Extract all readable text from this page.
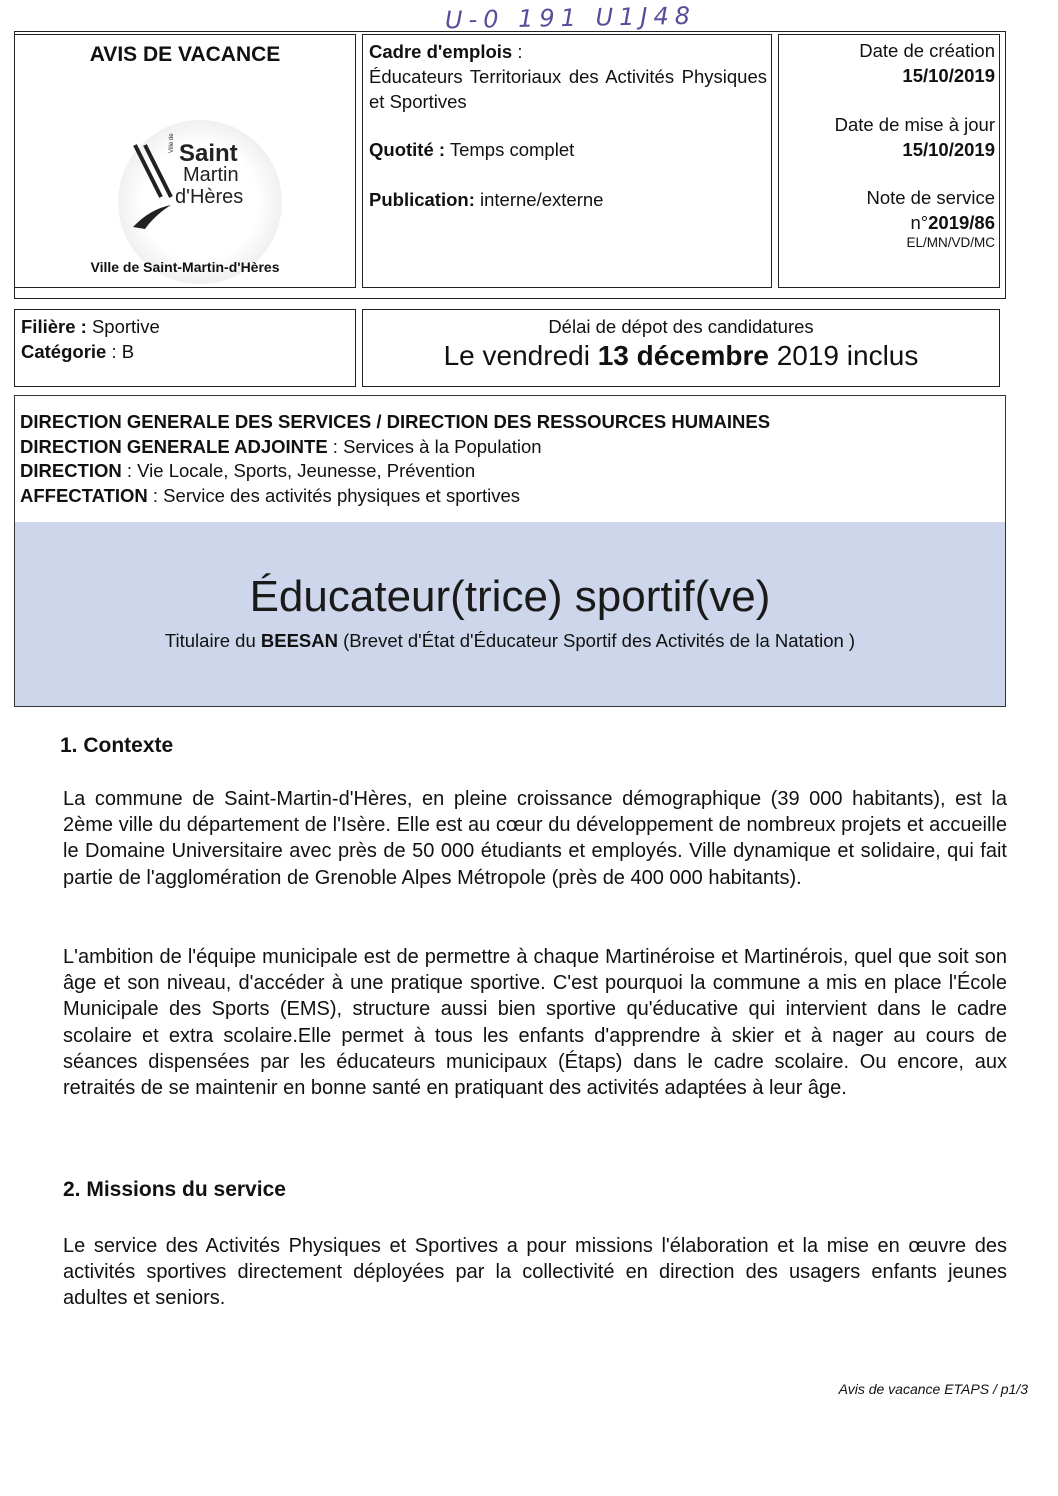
U-0 191 U1J48
AVIS DE VACANCE
Ville de Saint
Martin
d'Hères
Ville de Saint-Martin-d'Hères
Cadre d'emplois :
Éducateurs Territoriaux des Activités Physiques et Sportives
Quotité : Temps complet
Publication: interne/externe
Date de création
15/10/2019
Date de mise à jour
15/10/2019
Note de service
n°2019/86
EL/MN/VD/MC
Filière : Sportive
Catégorie : B
Délai de dépot des candidatures
Le vendredi 13 décembre 2019 inclus
DIRECTION GENERALE DES SERVICES / DIRECTION DES RESSOURCES HUMAINES
DIRECTION GENERALE ADJOINTE : Services à la Population
DIRECTION : Vie Locale, Sports, Jeunesse, Prévention
AFFECTATION : Service des activités physiques et sportives
Éducateur(trice) sportif(ve)
Titulaire du BEESAN (Brevet d'État d'Éducateur Sportif des Activités de la Natation )
1. Contexte
La commune de Saint-Martin-d'Hères, en pleine croissance démographique (39 000 habitants), est la 2ème ville du département de l'Isère. Elle est au cœur du développement de nombreux projets et accueille le Domaine Universitaire avec près de 50 000 étudiants et employés. Ville dynamique et solidaire, qui fait partie de l'agglomération de Grenoble Alpes Métropole (près de 400 000 habitants).
L'ambition de l'équipe municipale est de permettre à chaque Martinéroise et Martinérois, quel que soit son âge et son niveau, d'accéder à une pratique sportive. C'est pourquoi la commune a mis en place l'École Municipale des Sports (EMS), structure aussi bien sportive qu'éducative qui intervient dans le cadre scolaire et extra scolaire.Elle permet à tous les enfants d'apprendre à skier et à nager au cours de séances dispensées par les éducateurs municipaux (Étaps) dans le cadre scolaire. Ou encore, aux retraités de se maintenir en bonne santé en pratiquant des activités adaptées à leur âge.
2. Missions du service
Le service des Activités Physiques et Sportives a pour missions l'élaboration et la mise en œuvre des activités sportives directement déployées par la collectivité en direction des usagers enfants jeunes adultes et seniors.
Avis de vacance ETAPS / p1/3
